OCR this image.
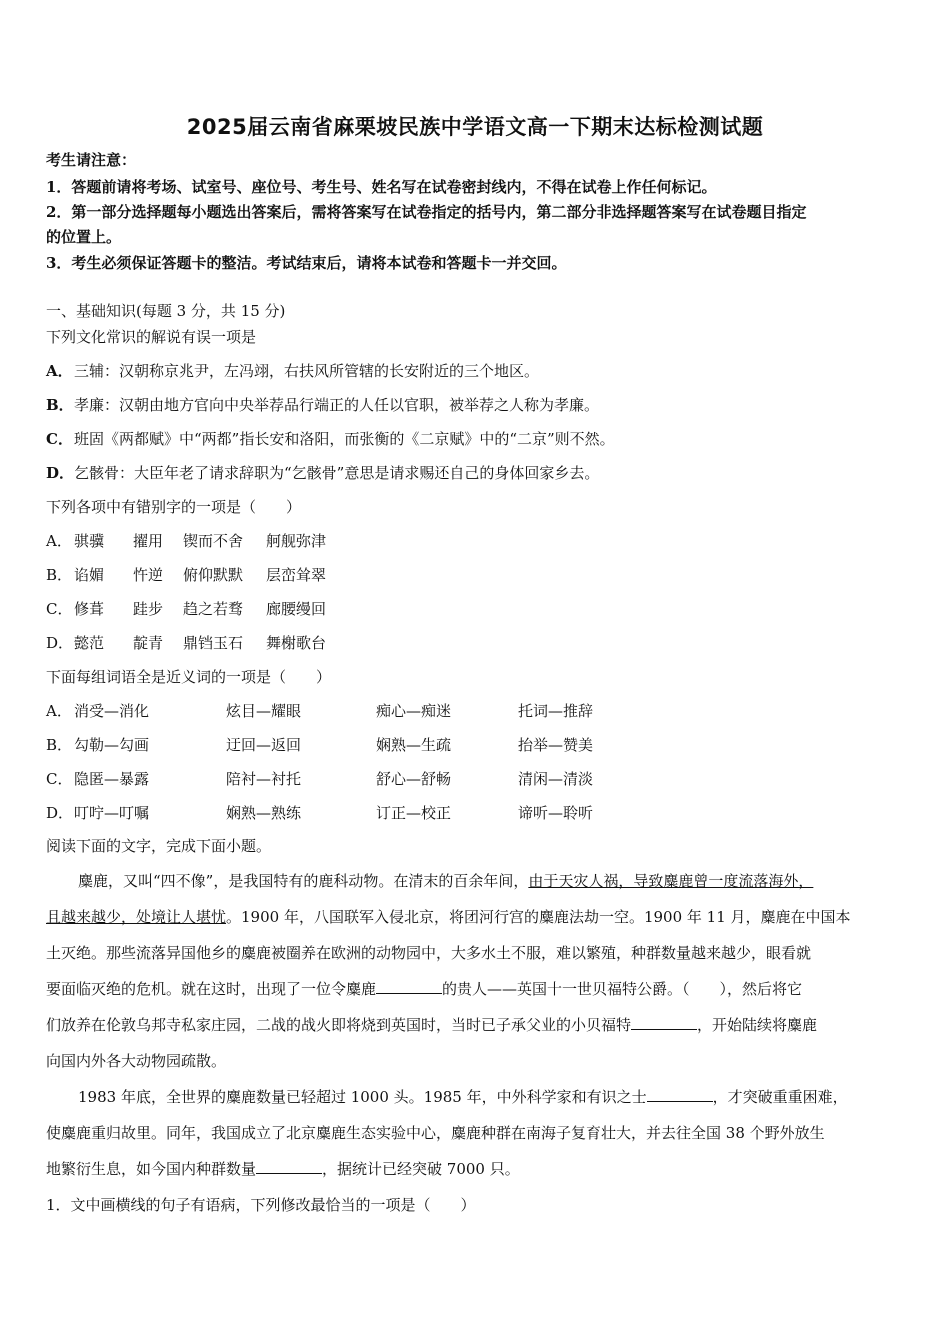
2025届云南省麻栗坡民族中学语文高一下期末达标检测试题
考生请注意：
1．答题前请将考场、试室号、座位号、考生号、姓名写在试卷密封线内，不得在试卷上作任何标记。
2．第一部分选择题每小题选出答案后，需将答案写在试卷指定的括号内，第二部分非选择题答案写在试卷题目指定
的位置上。
3．考生必须保证答题卡的整洁。考试结束后，请将本试卷和答题卡一并交回。
一、基础知识(每题 3 分，共 15 分)
下列文化常识的解说有误一项是
A．三辅：汉朝称京兆尹，左冯翊，右扶风所管辖的长安附近的三个地区。
B．孝廉：汉朝由地方官向中央举荐品行端正的人任以官职，被举荐之人称为孝廉。
C．班固《两都赋》中“两都”指长安和洛阳，而张衡的《二京赋》中的“二京”则不然。
D．乞骸骨：大臣年老了请求辞职为“乞骸骨”意思是请求赐还自己的身体回家乡去。
下列各项中有错别字的一项是（　　）
A． 骐骥 擢用 锲而不舍 舸舰弥津
B． 谄媚 忤逆 俯仰默默 层峦耸翠
C． 修葺 跬步 趋之若骛 廊腰缦回
D． 懿范 靛青 鼎铛玉石 舞榭歌台
下面每组词语全是近义词的一项是（　　）
A． 消受—消化	炫目—耀眼	痴心—痴迷	托词—推辞
B． 勾勒—勾画	迂回—返回	娴熟—生疏	抬举—赞美
C． 隐匿—暴露	陪衬—衬托	舒心—舒畅	清闲—清淡
D． 叮咛—叮嘱	娴熟—熟练	订正—校正	谛听—聆听
阅读下面的文字，完成下面小题。
麋鹿，又叫“四不像”，是我国特有的鹿科动物。在清末的百余年间，由于天灾人祸，导致麋鹿曾一度流落海外，
且越来越少，处境让人堪忧。1900 年，八国联军入侵北京，将团河行宫的麋鹿法劫一空。1900 年 11 月，麋鹿在中国本
土灭绝。那些流落异国他乡的麋鹿被圈养在欧洲的动物园中，大多水土不服，难以繁殖，种群数量越来越少，眼看就
要面临灭绝的危机。就在这时，出现了一位令麋鹿	的贵人——英国十一世贝福特公爵。（　　），然后将它
们放养在伦敦乌邦寺私家庄园，二战的战火即将烧到英国时，当时已子承父业的小贝福特	，开始陆续将麋鹿
向国内外各大动物园疏散。
1983 年底，全世界的麋鹿数量已轻超过 1000 头。1985 年，中外科学家和有识之士	，才突破重重困难，
使麋鹿重归故里。同年，我国成立了北京麋鹿生态实验中心，麋鹿种群在南海子复育壮大，并去往全国 38 个野外放生
地繁衍生息，如今国内种群数量	，据统计已经突破 7000 只。
1．文中画横线的句子有语病，下列修改最恰当的一项是（　　）
